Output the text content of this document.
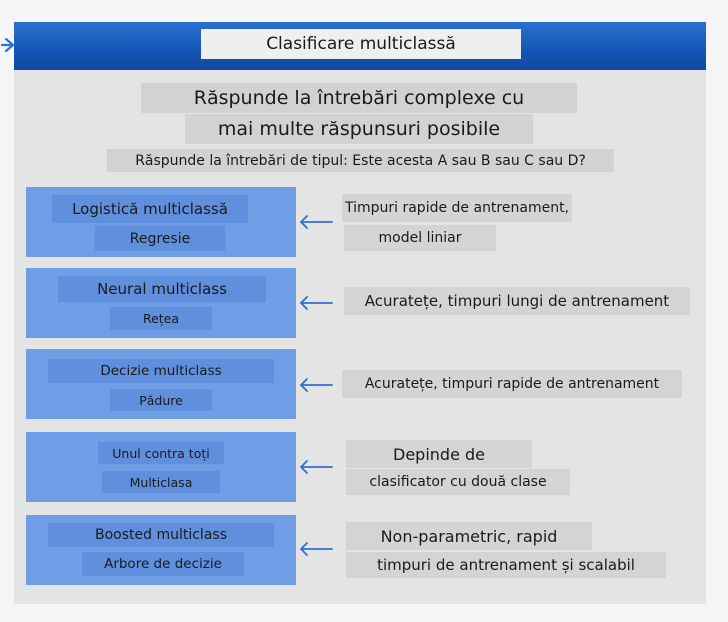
Clasificare multiclassă
Răspunde la întrebări complexe cu
mai multe răspunsuri posibile
Răspunde la întrebări de tipul: Este acesta A sau B sau C sau D?
Logistică multiclassă
Regresie
Timpuri rapide de antrenament,
model liniar
Neural multiclass
Rețea
Acuratețe, timpuri lungi de antrenament
Decizie multiclass
Pădure
Acuratețe, timpuri rapide de antrenament
Unul contra toți
Multiclasa
Depinde de
clasificator cu două clase
Boosted multiclass
Arbore de decizie
Non-parametric, rapid
timpuri de antrenament și scalabil
